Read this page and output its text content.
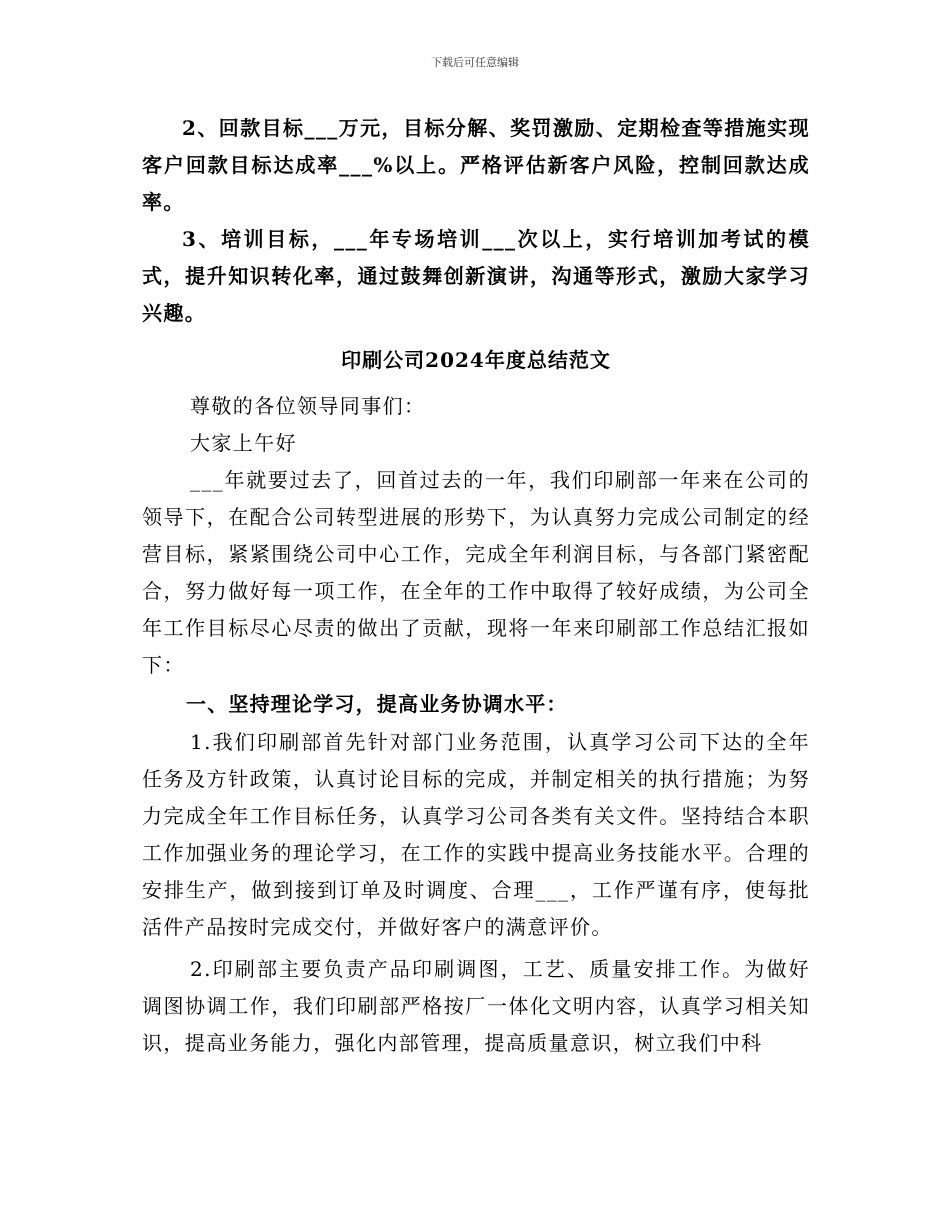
下载后可任意编辑

2、回款目标___万元，目标分解、奖罚激励、定期检查等措施实现客户回款目标达成率___%以上。严格评估新客户风险，控制回款达成率。

3、培训目标，___年专场培训___次以上，实行培训加考试的模式，提升知识转化率，通过鼓舞创新演讲，沟通等形式，激励大家学习兴趣。

印刷公司2024年度总结范文

尊敬的各位领导同事们：

大家上午好

___年就要过去了，回首过去的一年，我们印刷部一年来在公司的领导下，在配合公司转型进展的形势下，为认真努力完成公司制定的经营目标，紧紧围绕公司中心工作，完成全年利润目标，与各部门紧密配合，努力做好每一项工作，在全年的工作中取得了较好成绩，为公司全年工作目标尽心尽责的做出了贡献，现将一年来印刷部工作总结汇报如下：

一、坚持理论学习，提高业务协调水平：

1.我们印刷部首先针对部门业务范围，认真学习公司下达的全年任务及方针政策，认真讨论目标的完成，并制定相关的执行措施；为努力完成全年工作目标任务，认真学习公司各类有关文件。坚持结合本职工作加强业务的理论学习，在工作的实践中提高业务技能水平。合理的安排生产，做到接到订单及时调度、合理___，工作严谨有序，使每批活件产品按时完成交付，并做好客户的满意评价。

2.印刷部主要负责产品印刷调图，工艺、质量安排工作。为做好调图协调工作，我们印刷部严格按厂一体化文明内容，认真学习相关知识，提高业务能力，强化内部管理，提高质量意识，树立我们中科
